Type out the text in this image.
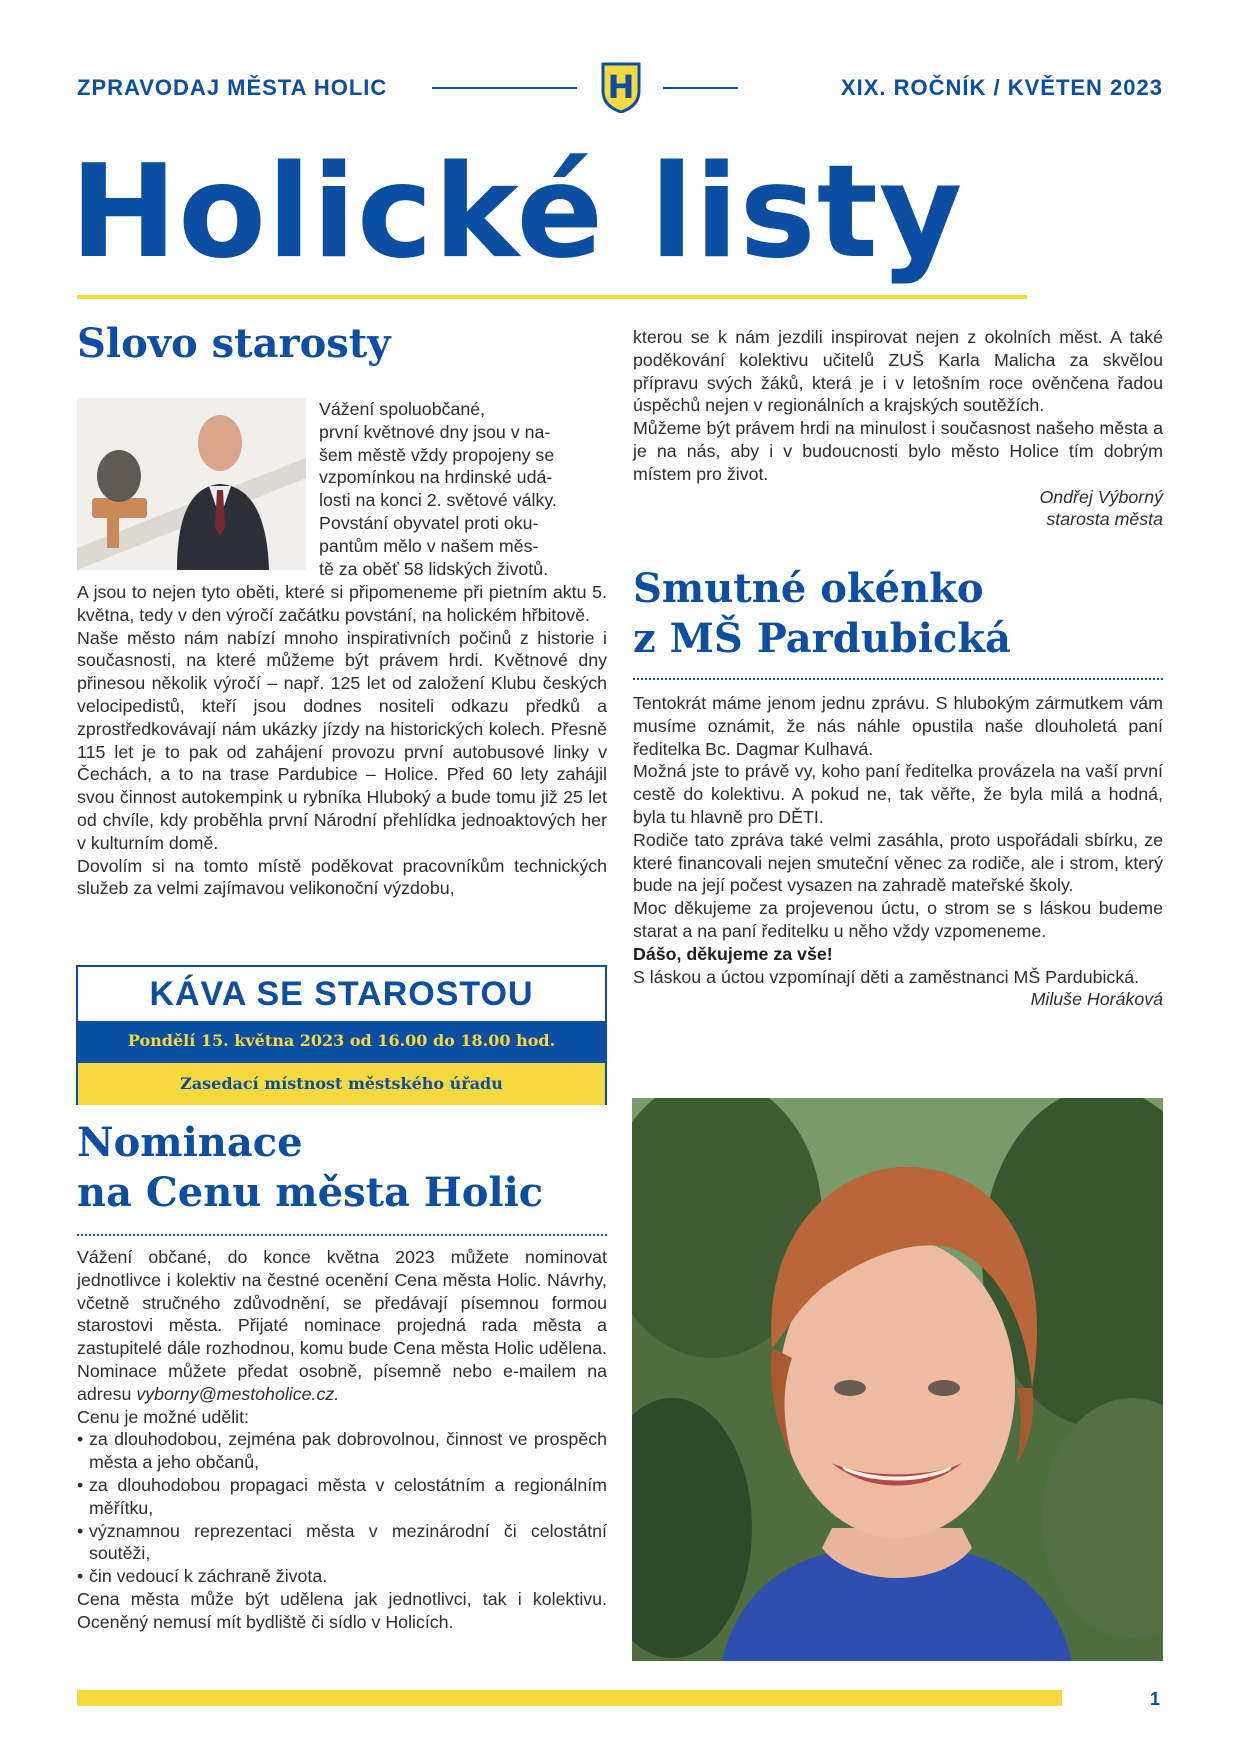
ZPRAVODAJ MĚSTA HOLIC	H	XIX. ROČNÍK / KVĚTEN 2023
Holické listy
Slovo starosty
Vážení spoluobčané,
první květnové dny jsou v na-
šem městě vždy propojeny se
vzpomínkou na hrdinské udá-
losti na konci 2. světové války.
Povstání obyvatel proti oku-
pantům mělo v našem měs-
tě za oběť 58 lidských životů.

A jsou to nejen tyto oběti, které si připomeneme při pietním aktu 5. května, tedy v den výročí začátku povstání, na holickém hřbitově.

Naše město nám nabízí mnoho inspirativních počinů z historie i současnosti, na které můžeme být právem hrdi. Květnové dny přinesou několik výročí – např. 125 let od založení Klubu českých velocipedistů, kteří jsou dodnes nositeli odkazu předků a zprostředkovávají nám ukázky jízdy na historických kolech. Přesně 115 let je to pak od zahájení provozu první autobusové linky v Čechách, a to na trase Pardubice – Holice. Před 60 lety zahájil svou činnost autokempink u rybníka Hluboký a bude tomu již 25 let od chvíle, kdy proběhla první Národní přehlídka jednoaktových her v kulturním domě.

Dovolím si na tomto místě poděkovat pracovníkům technických služeb za velmi zajímavou velikonoční výzdobu,

KÁVA SE STAROSTOU
Pondělí 15. května 2023 od 16.00 do 18.00 hod.
Zasedací místnost městského úřadu
Nominace
na Cenu města Holic

Vážení občané, do konce května 2023 můžete nominovat jednotlivce i kolektiv na čestné ocenění Cena města Holic. Návrhy, včetně stručného zdůvodnění, se předávají písemnou formou starostovi města. Přijaté nominace projedná rada města a zastupitelé dále rozhodnou, komu bude Cena města Holic udělena. Nominace můžete předat osobně, písemně nebo e-mailem na adresu vyborny@mestoholice.cz.

Cenu je možné udělit:

• za dlouhodobou, zejména pak dobrovolnou, činnost ve prospěch města a jeho občanů,
• za dlouhodobou propagaci města v celostátním a regionálním měřítku,
• významnou reprezentaci města v mezinárodní či celostátní soutěži,
• čin vedoucí k záchraně života.

Cena města může být udělena jak jednotlivci, tak i kolektivu. Oceněný nemusí mít bydliště či sídlo v Holicích.

kterou se k nám jezdili inspirovat nejen z okolních měst. A také poděkování kolektivu učitelů ZUŠ Karla Malicha za skvělou přípravu svých žáků, která je i v letošním roce ověnčena řadou úspěchů nejen v regionálních a krajských soutěžích.

Můžeme být právem hrdi na minulost i současnost našeho města a je na nás, aby i v budoucnosti bylo město Holice tím dobrým místem pro život.

Ondřej Výborný
starosta města
Smutné okénko
z MŠ Pardubická

Tentokrát máme jenom jednu zprávu. S hlubokým zármutkem vám musíme oznámit, že nás náhle opustila naše dlouholetá paní ředitelka Bc. Dagmar Kulhavá.

Možná jste to právě vy, koho paní ředitelka provázela na vaší první cestě do kolektivu. A pokud ne, tak věřte, že byla milá a hodná, byla tu hlavně pro DĚTI.

Rodiče tato zpráva také velmi zasáhla, proto uspořádali sbírku, ze které financovali nejen smuteční věnec za rodiče, ale i strom, který bude na její počest vysazen na zahradě mateřské školy.

Moc děkujeme za projevenou úctu, o strom se s láskou budeme starat a na paní ředitelku u něho vždy vzpomeneme.

Dášo, děkujeme za vše!

S láskou a úctou vzpomínají děti a zaměstnanci MŠ Pardubická.

Miluše Horáková
1
